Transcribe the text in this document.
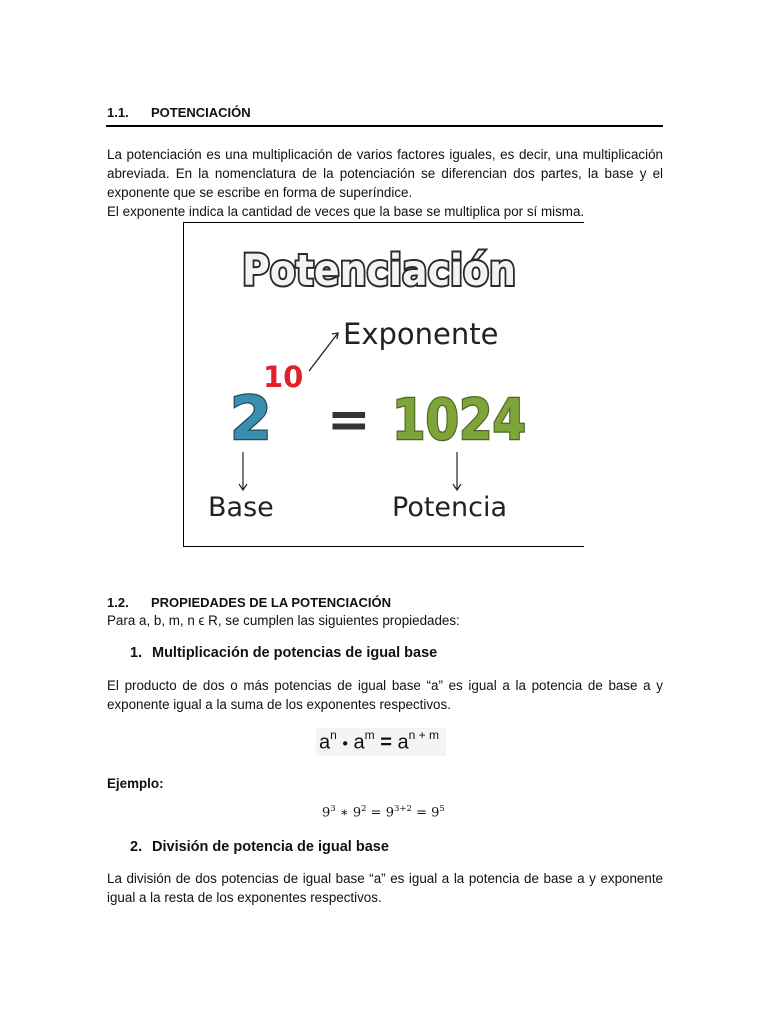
1.1. POTENCIACIÓN
La potenciación es una multiplicación de varios factores iguales, es decir, una multiplicación abreviada. En la nomenclatura de la potenciación se diferencian dos partes, la base y el exponente que se escribe en forma de superíndice.
El exponente indica la cantidad de veces que la base se multiplica por sí misma.
Potenciación
Exponente
10
2 = 1024
Base	Potencia
1.2. PROPIEDADES DE LA POTENCIACIÓN
Para a, b, m, n ϵ R, se cumplen las siguientes propiedades:
1. Multiplicación de potencias de igual base
El producto de dos o más potencias de igual base “a” es igual a la potencia de base a y exponente igual a la suma de los exponentes respectivos.
$a^n$ • $a^m = a^{n + m}$
Ejemplo:
$9^3$ ∗ $9^2 = 9^{3+2} = 9^5$
2. División de potencia de igual base
La división de dos potencias de igual base “a” es igual a la potencia de base a y exponente igual a la resta de los exponentes respectivos.
